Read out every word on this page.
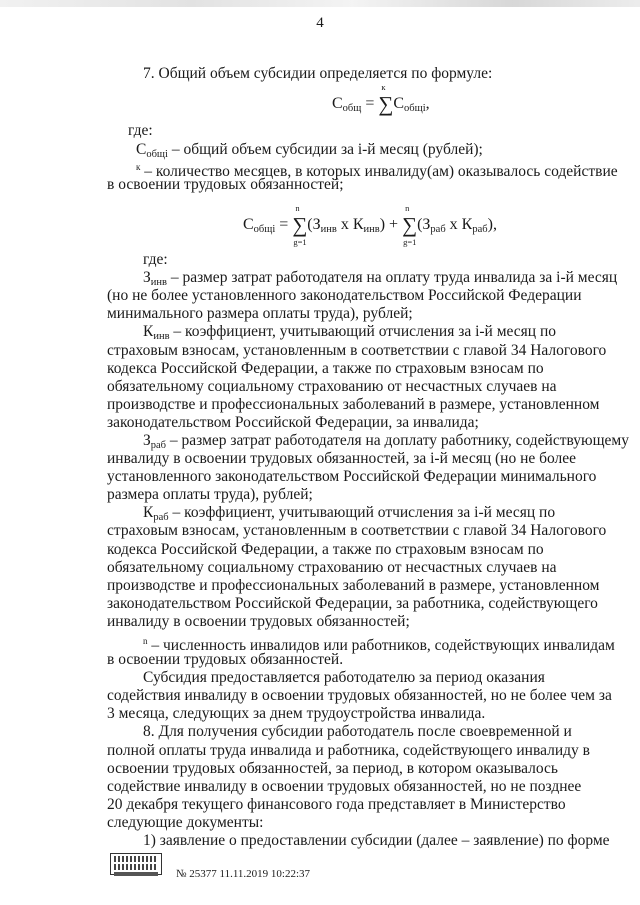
4
7. Общий объем субсидии определяется по формуле:
$С_{общ}$ = ∑
к
$С_{общi}$,
где:
$С_{общi}$ – общий объем субсидии за i-й месяц (рублей);
$^к$ – количество месяцев, в которых инвалиду(ам) оказывалось содействие
в освоении трудовых обязанностей;
$С_{общi}$ = ∑
n
g=1
($З_{инв}$ x $К_{инв}$) + ∑
n
g=1
($З_{раб}$ x $К_{раб}$),
где:
$З_{инв}$ – размер затрат работодателя на оплату труда инвалида за i-й месяц
(но не более установленного законодательством Российской Федерации
минимального размера оплаты труда), рублей;
$К_{инв}$ – коэффициент, учитывающий отчисления за i-й месяц по
страховым взносам, установленным в соответствии с главой 34 Налогового
кодекса Российской Федерации, а также по страховым взносам по
обязательному социальному страхованию от несчастных случаев на
производстве и профессиональных заболеваний в размере, установленном
законодательством Российской Федерации, за инвалида;
$З_{раб}$ – размер затрат работодателя на доплату работнику, содействующему
инвалиду в освоении трудовых обязанностей, за i-й месяц (но не более
установленного законодательством Российской Федерации минимального
размера оплаты труда), рублей;
$К_{раб}$ – коэффициент, учитывающий отчисления за i-й месяц по
страховым взносам, установленным в соответствии с главой 34 Налогового
кодекса Российской Федерации, а также по страховым взносам по
обязательному социальному страхованию от несчастных случаев на
производстве и профессиональных заболеваний в размере, установленном
законодательством Российской Федерации, за работника, содействующего
инвалиду в освоении трудовых обязанностей;
$^n$ – численность инвалидов или работников, содействующих инвалидам
в освоении трудовых обязанностей.
Субсидия предоставляется работодателю за период оказания
содействия инвалиду в освоении трудовых обязанностей, но не более чем за
3 месяца, следующих за днем трудоустройства инвалида.
8. Для получения субсидии работодатель после своевременной и
полной оплаты труда инвалида и работника, содействующего инвалиду в
освоении трудовых обязанностей, за период, в котором оказывалось
содействие инвалиду в освоении трудовых обязанностей, но не позднее
20 декабря текущего финансового года представляет в Министерство
следующие документы:
1) заявление о предоставлении субсидии (далее – заявление) по форме
№ 25377 11.11.2019 10:22:37
